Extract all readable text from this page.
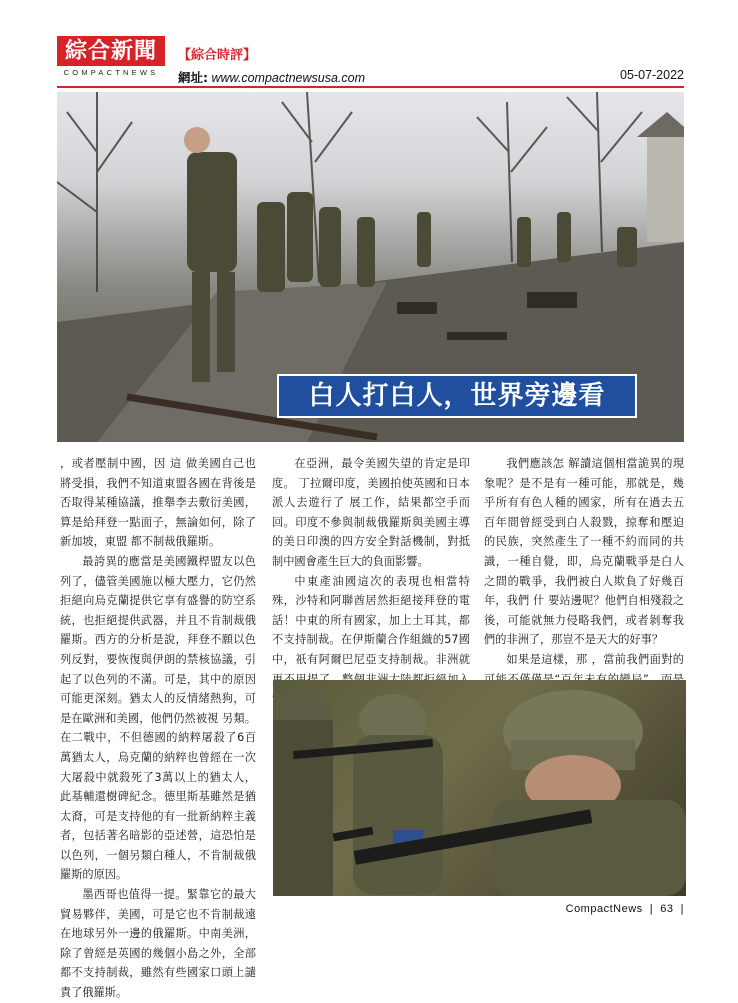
綜合新聞
COMPACTNEWS
【綜合時評】
網址: www.compactnewsusa.com	05-07-2022
白人打白人，世界旁邊看

，或者壓制中國，因 這 做美國自己也將受損，我們不知道東盟各國在背後是否取得某種協議，推舉李去敷衍美國，算是給拜登一點面子，無論如何，除了新加坡，東盟 都不制裁俄羅斯。

最誇異的應當是美國鐵桿盟友以色列了，儘管美國施以極大壓力，它仍然拒絕向烏克蘭提供它享有盛譽的防空系統，也拒絕提供武器，并且不肯制裁俄羅斯。西方的分析是說，拜登不願以色列反對，要恢復與伊朗的禁核協議，引起了以色列的不滿。可是，其中的原因可能更深刻。猶太人的反情緒熱狗，可是在歐洲和美國，他們仍然被視 另類。在二戰中，不但德國的納粹屠殺了6百萬猶太人，烏克蘭的納粹也曾經在一次大屠殺中就殺死了3萬以上的猶太人， 此基輔還樹碑紀念。德里斯基雖然是猶太裔，可是支持他的有一批新納粹主義者，包括著名暗影的亞述營，這恐怕是以色列，一個另類白種人，不肯制裁俄羅斯的原因。

墨西哥也值得一提。緊靠它的最大貿易夥伴，美國，可是它也不肯制裁遠在地球另外一邊的俄羅斯。中南美洲，除了曾經是英國的幾個小島之外，全部都不支持制裁，雖然有些國家口頭上譴責了俄羅斯。

在亞洲，最令美國失望的肯定是印度。 丁拉爾印度，美國拍使英國和日本派人去遊行了 展工作，結果都空手而回。印度不參與制裁俄羅斯與美國主導的美日印澳的四方安全對話機制，對抵制中國會產生巨大的負面影響。

中東產油國這次的表現也相當特殊，沙特和阿聯酋居然拒絕接拜登的電話！中東的所有國家，加上土耳其，都不支持制裁。在伊斯蘭合作組織的57國中，祇有阿爾巴尼亞支持制裁。非洲就

我們應該怎 解讀這個相當詭異的現象呢？是不是有一種可能，那就是，幾乎所有有色人種的國家，所有在過去五百年間曾經受到白人殺戮，掠奪和壓迫的民族，突然產生了一種不約而同的共識，一種自覺，即，烏克蘭戰爭是白人之間的戰爭，我們被白人欺負了好幾百年，我們 什 要站邊呢？他們自相殘殺之後，可能就無力侵略我們，或者剝奪我們的非洲了，那豈不是天大的好事？

如果是這樣，那 ，當前我們面對的

CompactNews  |  63  |
